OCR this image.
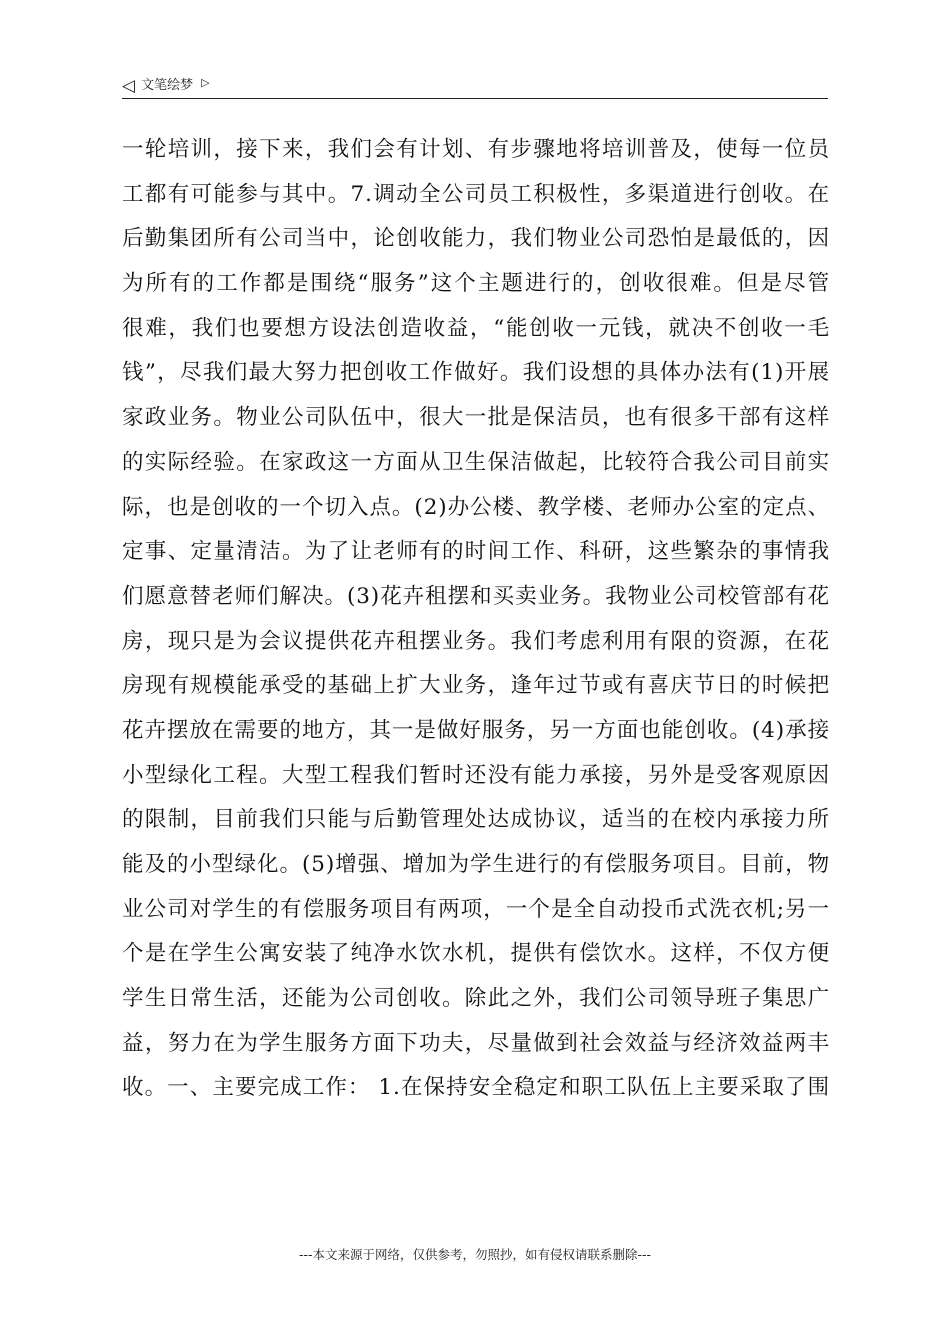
◁ 文笔绘梦 ▷
一轮培训，接下来，我们会有计划、有步骤地将培训普及，使每一位员
工都有可能参与其中。7.调动全公司员工积极性，多渠道进行创收。在
后勤集团所有公司当中，论创收能力，我们物业公司恐怕是最低的，因
为所有的工作都是围绕“服务”这个主题进行的，创收很难。但是尽管
很难，我们也要想方设法创造收益，“能创收一元钱，就决不创收一毛
钱”，尽我们最大努力把创收工作做好。我们设想的具体办法有(1)开展
家政业务。物业公司队伍中，很大一批是保洁员，也有很多干部有这样
的实际经验。在家政这一方面从卫生保洁做起，比较符合我公司目前实
际，也是创收的一个切入点。(2)办公楼、教学楼、老师办公室的定点、
定事、定量清洁。为了让老师有的时间工作、科研，这些繁杂的事情我
们愿意替老师们解决。(3)花卉租摆和买卖业务。我物业公司校管部有花
房，现只是为会议提供花卉租摆业务。我们考虑利用有限的资源，在花
房现有规模能承受的基础上扩大业务，逢年过节或有喜庆节日的时候把
花卉摆放在需要的地方，其一是做好服务，另一方面也能创收。(4)承接
小型绿化工程。大型工程我们暂时还没有能力承接，另外是受客观原因
的限制，目前我们只能与后勤管理处达成协议，适当的在校内承接力所
能及的小型绿化。(5)增强、增加为学生进行的有偿服务项目。目前，物
业公司对学生的有偿服务项目有两项，一个是全自动投币式洗衣机;另一
个是在学生公寓安装了纯净水饮水机，提供有偿饮水。这样，不仅方便
学生日常生活，还能为公司创收。除此之外，我们公司领导班子集思广
益，努力在为学生服务方面下功夫，尽量做到社会效益与经济效益两丰
收。一、主要完成工作： 1.在保持安全稳定和职工队伍上主要采取了围
---本文来源于网络，仅供参考，勿照抄，如有侵权请联系删除---
